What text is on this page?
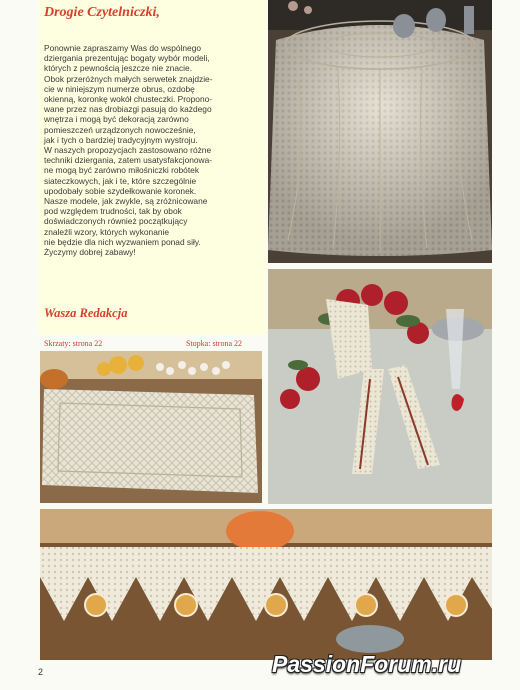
Drogie Czytelniczki,
Ponownie zapraszamy Was do wspólnego
dziergania prezentując bogaty wybór modeli,
których z pewnością jeszcze nie znacie.
Obok przeróżnych małych serwetek znajdzie-
cie w niniejszym numerze obrus, ozdobę
okienną, koronkę wokół chusteczki. Propono-
wane przez nas drobiazgi pasują do każdego
wnętrza i mogą być dekoracją zarówno
pomieszczeń urządzonych nowocześnie,
jak i tych o bardziej tradycyjnym wystroju.
W naszych propozycjach zastosowano różne
techniki dziergania, zatem usatysfakcjonowa-
ne mogą być zarówno miłośniczki robótek
siateczkowych, jak i te, które szczególnie
upodobały sobie szydełkowanie koronek.
Nasze modele, jak zwykle, są zróżnicowane
pod względem trudności, tak by obok
doświadczonych również początkujący
znaleźli wzory, których wykonanie
nie będzie dla nich wyzwaniem ponad siły.
Życzymy dobrej zabawy!
Wasza Redakcja
Skrzaty: strona 22	Stopka: strona 22
2	PassionForum.ru
